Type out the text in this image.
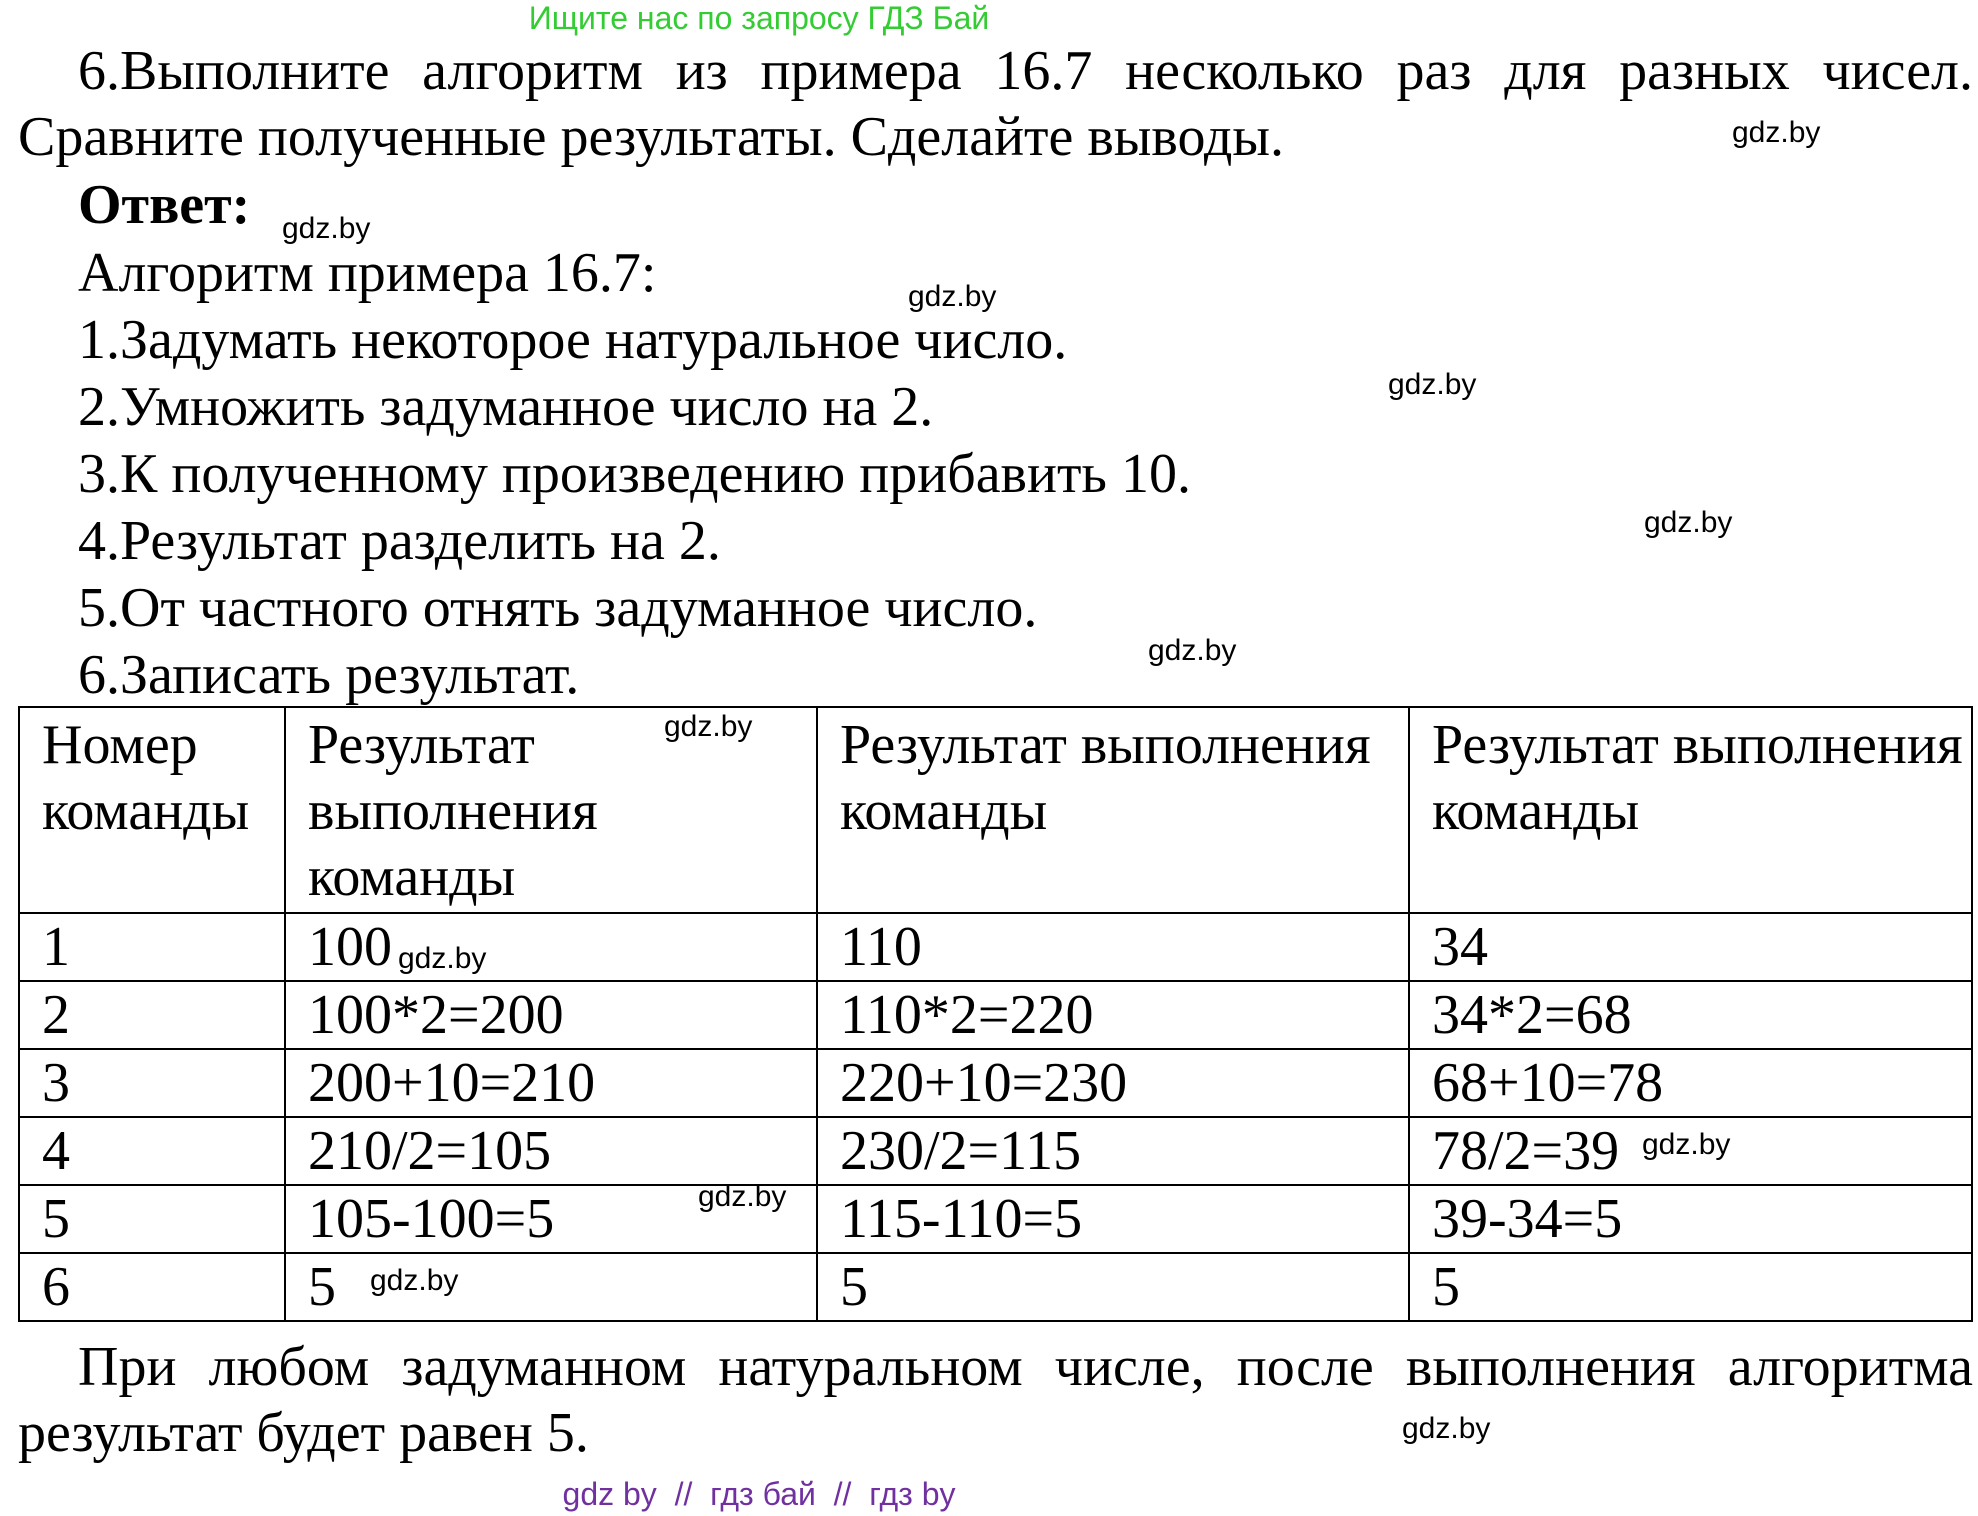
Ищите нас по запросу ГДЗ Бай
6.Выполните алгоритм из примера 16.7 несколько раз для разных чисел. Сравните полученные результаты. Сделайте выводы.
Ответ:
Алгоритм примера 16.7:
1.Задумать некоторое натуральное число.
2.Умножить задуманное число на 2.
3.К полученному произведению прибавить 10.
4.Результат разделить на 2.
5.От частного отнять задуманное число.
6.Записать результат.
Номер команды	Результат выполнения команды	Результат выполнения команды	Результат выполнения команды
1	100	110	34
2	100*2=200	110*2=220	34*2=68
3	200+10=210	220+10=230	68+10=78
4	210/2=105	230/2=115	78/2=39
5	105-100=5	115-110=5	39-34=5
6	5	5	5
При любом задуманном натуральном числе, после выполнения алгоритма результат будет равен 5.
gdz.by
gdz.by
gdz.by
gdz.by
gdz.by
gdz.by
gdz.by
gdz.by
gdz.by
gdz.by
gdz.by
gdz.by
gdz by  //  гдз бай  //  гдз by
